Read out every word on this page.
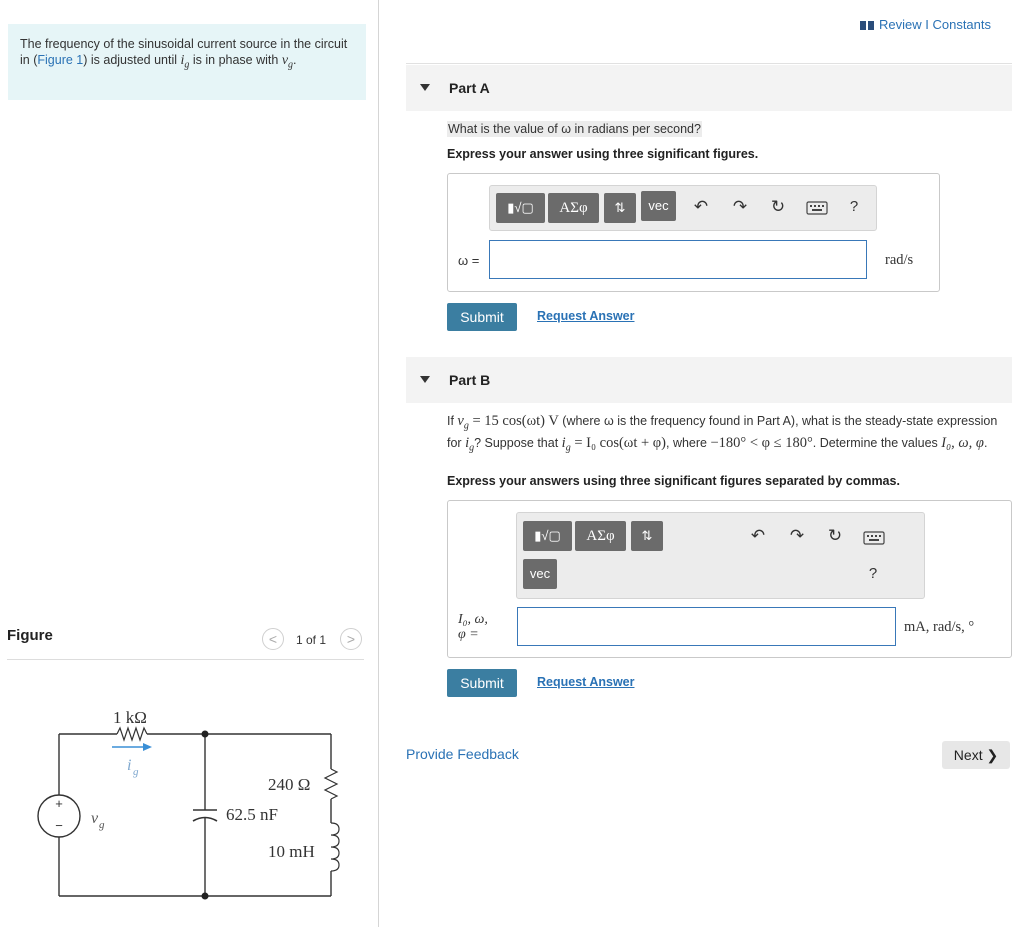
The frequency of the sinusoidal current source in the circuit in (Figure 1) is adjusted until $i_g$ is in phase with $v_g$.
Figure	<	1 of 1	>
+
−
1 kΩ
i g
v g
240 Ω
62.5 nF
10 mH
Review I Constants
Part A
What is the value of ω in radians per second?
Express your answer using three significant figures.
▮√▢	ΑΣφ	⇅	vec	↶ ↷ ↻	?
ω =	rad/s
Submit	Request Answer
Part B
If $v_g = 15$ cos(ωt) V (where ω is the frequency found in Part A), what is the steady-state expression for $i_g$? Suppose that $i_g = I_0$ cos(ωt + φ), where −180° < φ ≤ 180°. Determine the values I₀, ω, φ.
Express your answers using three significant figures separated by commas.
▮√▢	ΑΣφ	⇅	↶ ↷ ↻
vec	?
I₀, ω,
φ =	mA, rad/s, °
Submit	Request Answer
Provide Feedback	Next ❯
